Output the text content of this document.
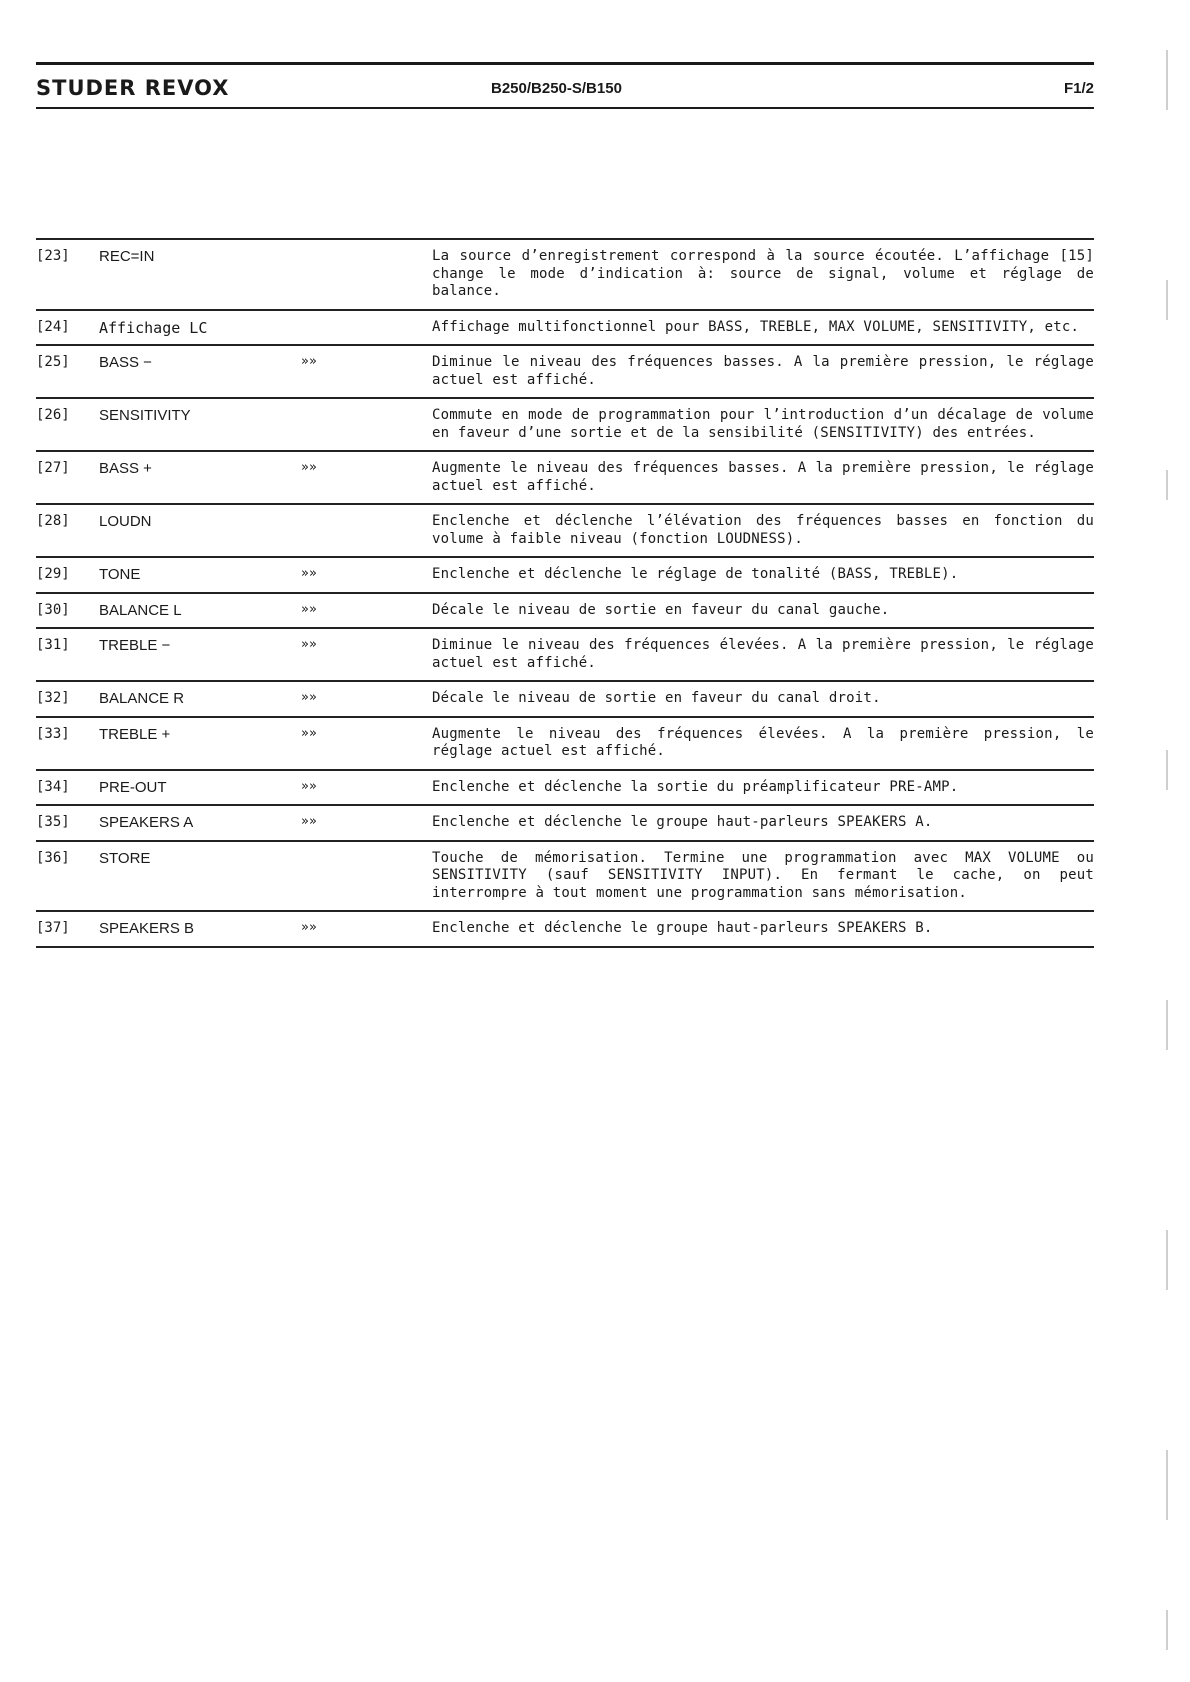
STUDER REVOX	B250/B250-S/B150	F1/2
[23] REC=IN	La source d’enregistrement correspond à la source écoutée. L’affichage [15] change le mode d’indication à: source de signal, volume et réglage de balance.
[24] Affichage LC	Affichage multifonctionnel pour BASS, TREBLE, MAX VOLUME, SENSITIVITY, etc.
[25] BASS −	»»	Diminue le niveau des fréquences basses. A la première pression, le réglage actuel est affiché.
[26] SENSITIVITY	Commute en mode de programmation pour l’introduction d’un décalage de volume en faveur d’une sortie et de la sensibilité (SENSITIVITY) des entrées.
[27] BASS +	»»	Augmente le niveau des fréquences basses. A la première pression, le réglage actuel est affiché.
[28] LOUDN	Enclenche et déclenche l’élévation des fréquences basses en fonction du volume à faible niveau (fonction LOUDNESS).
[29] TONE	»»	Enclenche et déclenche le réglage de tonalité (BASS, TREBLE).
[30] BALANCE L	»»	Décale le niveau de sortie en faveur du canal gauche.
[31] TREBLE −	»»	Diminue le niveau des fréquences élevées. A la première pression, le réglage actuel est affiché.
[32] BALANCE R	»»	Décale le niveau de sortie en faveur du canal droit.
[33] TREBLE +	»»	Augmente le niveau des fréquences élevées. A la première pression, le réglage actuel est affiché.
[34] PRE-OUT	»»	Enclenche et déclenche la sortie du préamplificateur PRE-AMP.
[35] SPEAKERS A	»»	Enclenche et déclenche le groupe haut-parleurs SPEAKERS A.
[36] STORE	Touche de mémorisation. Termine une programmation avec MAX VOLUME ou SENSITIVITY (sauf SENSITIVITY INPUT). En fermant le cache, on peut interrompre à tout moment une programmation sans mémorisation.
[37] SPEAKERS B	»»	Enclenche et déclenche le groupe haut-parleurs SPEAKERS B.
